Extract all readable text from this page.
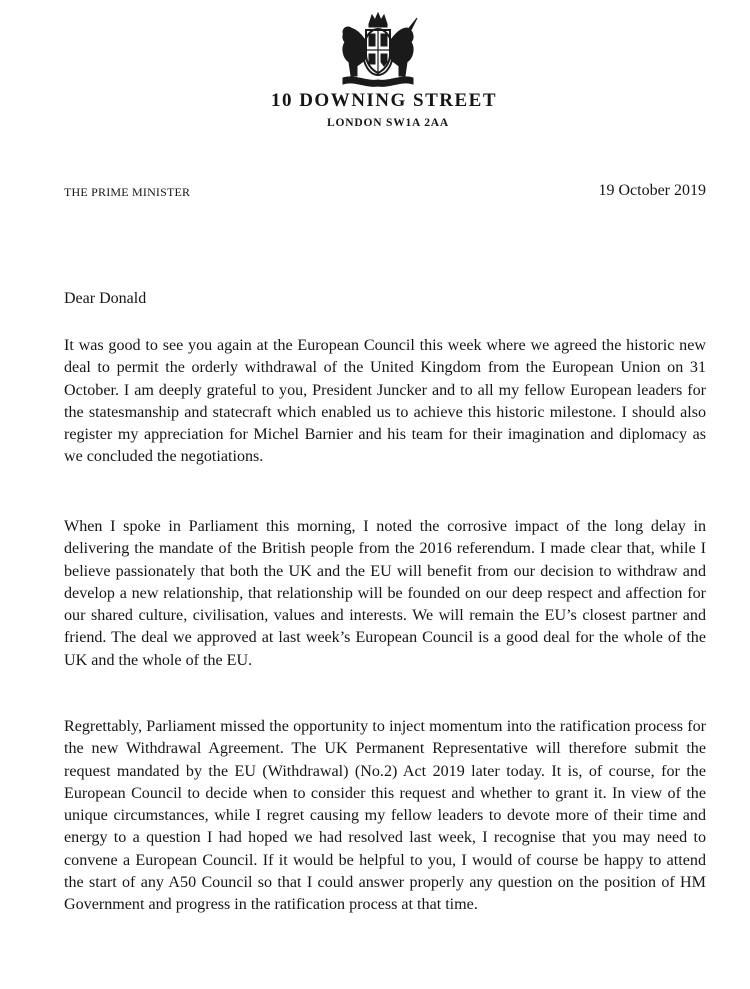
10 DOWNING STREET
LONDON SW1A 2AA
THE PRIME MINISTER	19 October 2019
Dear Donald

It was good to see you again at the European Council this week where we agreed the historic new deal to permit the orderly withdrawal of the United Kingdom from the European Union on 31 October. I am deeply grateful to you, President Juncker and to all my fellow European leaders for the statesmanship and statecraft which enabled us to achieve this historic milestone. I should also register my appreciation for Michel Barnier and his team for their imagination and diplomacy as we concluded the negotiations.

When I spoke in Parliament this morning, I noted the corrosive impact of the long delay in delivering the mandate of the British people from the 2016 referendum. I made clear that, while I believe passionately that both the UK and the EU will benefit from our decision to withdraw and develop a new relationship, that relationship will be founded on our deep respect and affection for our shared culture, civilisation, values and interests. We will remain the EU’s closest partner and friend. The deal we approved at last week’s European Council is a good deal for the whole of the UK and the whole of the EU.

Regrettably, Parliament missed the opportunity to inject momentum into the ratification process for the new Withdrawal Agreement. The UK Permanent Representative will therefore submit the request mandated by the EU (Withdrawal) (No.2) Act 2019 later today. It is, of course, for the European Council to decide when to consider this request and whether to grant it. In view of the unique circumstances, while I regret causing my fellow leaders to devote more of their time and energy to a question I had hoped we had resolved last week, I recognise that you may need to convene a European Council. If it would be helpful to you, I would of course be happy to attend the start of any A50 Council so that I could answer properly any question on the position of HM Government and progress in the ratification process at that time.
